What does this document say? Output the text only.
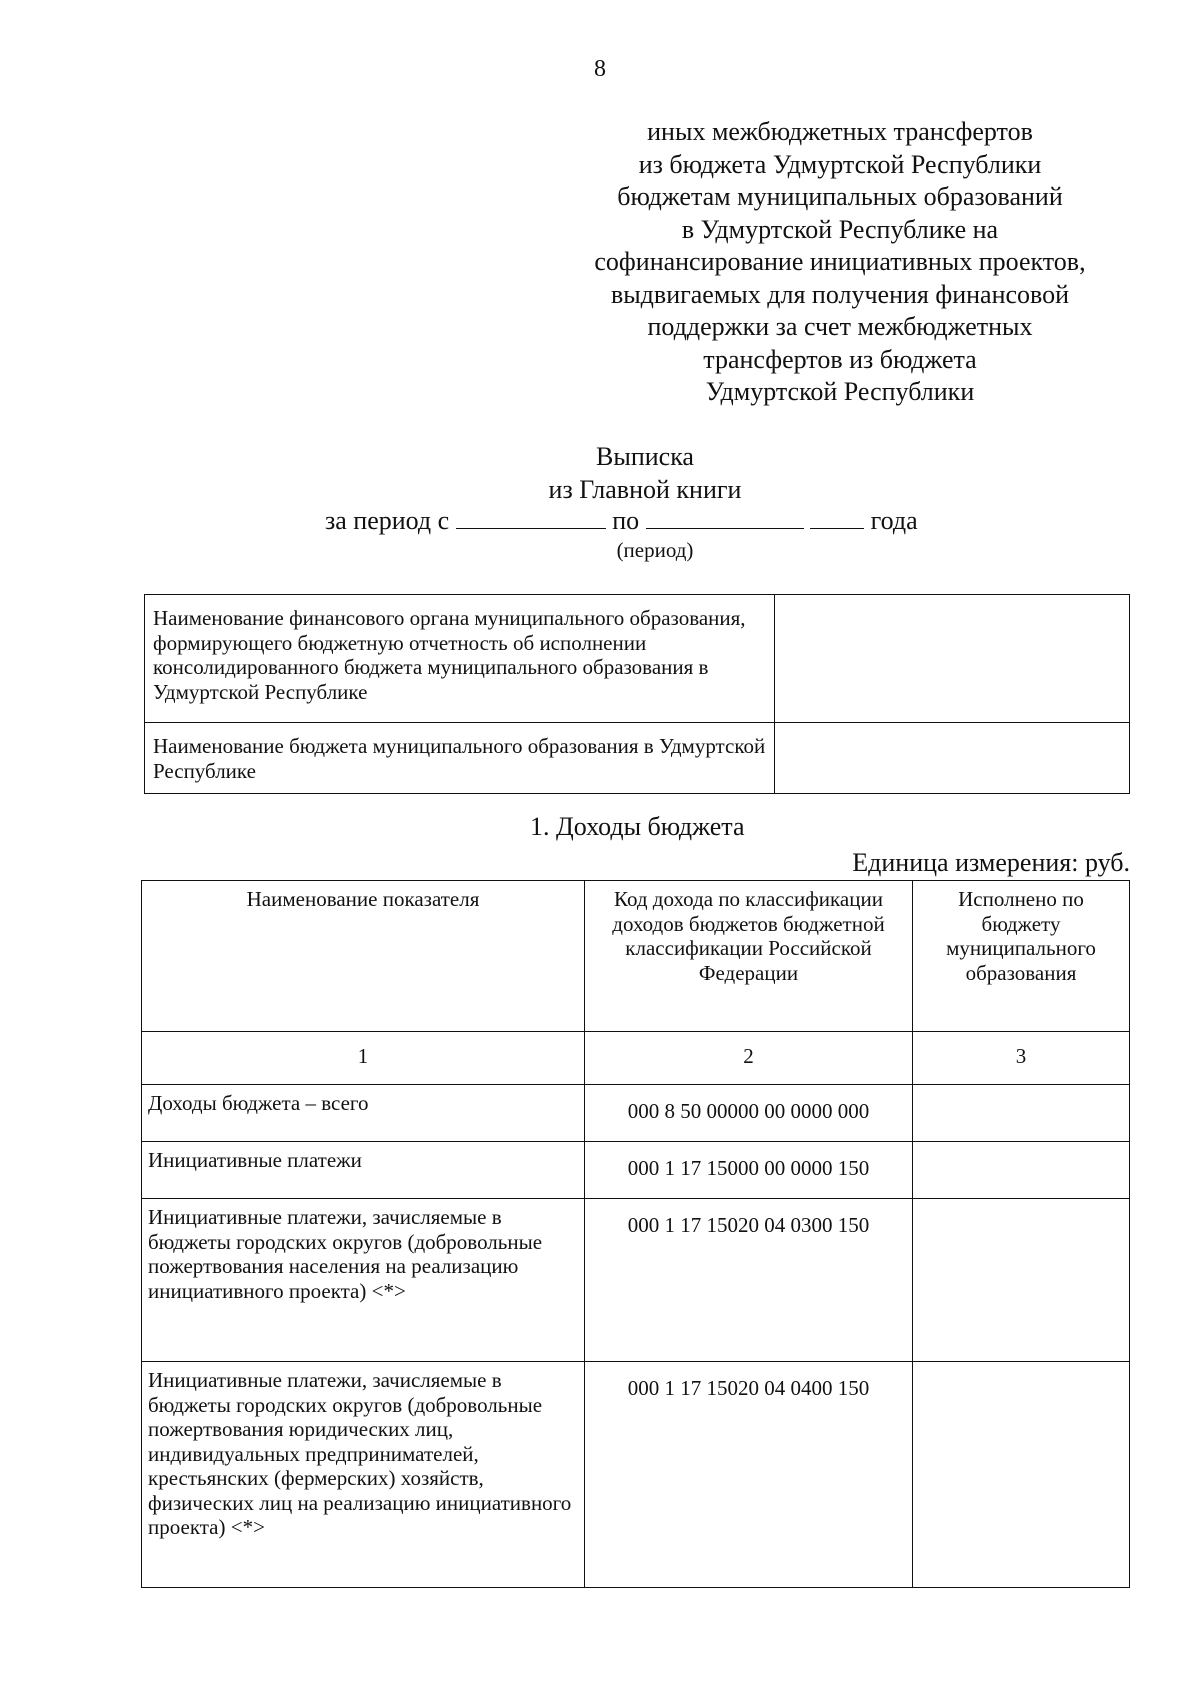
8
иных межбюджетных трансфертов
из бюджета Удмуртской Республики
бюджетам муниципальных образований
в Удмуртской Республике на
софинансирование инициативных проектов,
выдвигаемых для получения финансовой
поддержки за счет межбюджетных
трансфертов из бюджета
Удмуртской Республики
Выписка
из Главной книги
за период с	по	года
(период)
Наименование финансового органа муниципального образования, формирующего бюджетную отчетность об исполнении консолидированного бюджета муниципального образования в Удмуртской Республике	
Наименование бюджета муниципального образования в Удмуртской Республике	
1. Доходы бюджета
Единица измерения: руб.
Наименование показателя	Код дохода по классификации доходов бюджетов бюджетной классификации Российской Федерации	Исполнено по бюджету муниципального образования
1	2	3
Доходы бюджета – всего	000 8 50 00000 00 0000 000	
Инициативные платежи	000 1 17 15000 00 0000 150	
Инициативные платежи, зачисляемые в бюджеты городских округов (добровольные пожертвования населения на реализацию инициативного проекта) <*>	000 1 17 15020 04 0300 150	
Инициативные платежи, зачисляемые в бюджеты городских округов (добровольные пожертвования юридических лиц, индивидуальных предпринимателей, крестьянских (фермерских) хозяйств, физических лиц на реализацию инициативного проекта) <*>	000 1 17 15020 04 0400 150	
